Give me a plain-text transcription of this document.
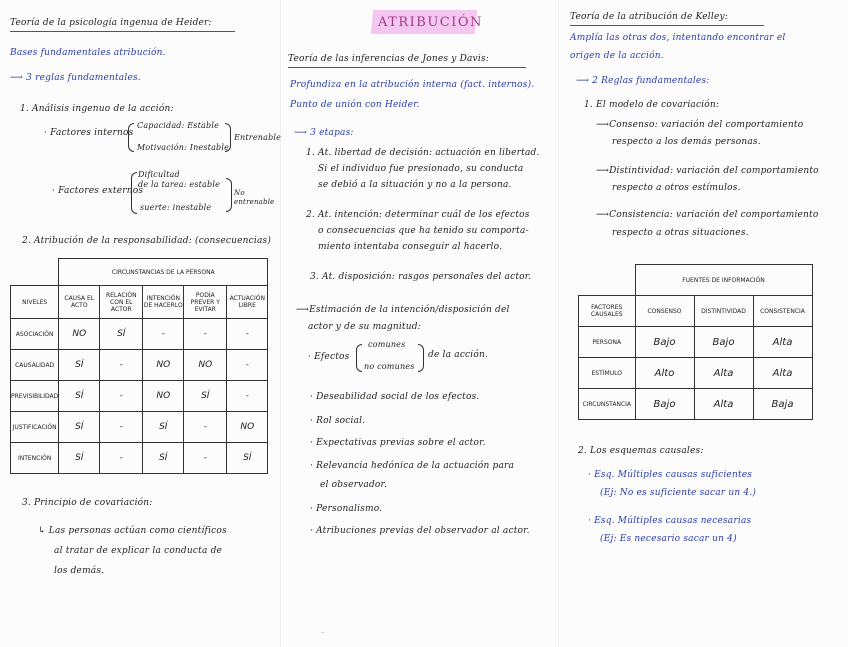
ATRIBUCIÓN
Teoría de la psicología ingenua de Heider:
Bases fundamentales atribución.
⟶ 3 reglas fundamentales.
1. Análisis ingenuo de la acción:
· Factores internos
Capacidad: Estable
Motivación: Inestable
Entrenable
· Factores externos
Dificultad
de la tarea: estable
suerte: inestable
No
entrenable
2. Atribución de la responsabilidad: (consecuencias)
	CIRCUNSTANCIAS DE LA PERSONA				
NIVELES	CAUSA EL ACTO	RELACIÓN CON EL ACTOR	INTENCIÓN DE HACERLO	PODÍA PREVER Y EVITAR	ACTUACIÓN LIBRE
ASOCIACIÓN	NO	SÍ	-	-	-
CAUSALIDAD	SÍ	-	NO	NO	-
PREVISIBILIDAD	SÍ	-	NO	SÍ	-
JUSTIFICACIÓN	SÍ	-	SÍ	-	NO
INTENCIÓN	SÍ	-	SÍ	-	SÍ
3. Principio de covariación:
↳ Las personas actúan como científicos
al tratar de explicar la conducta de
los demás.
Teoría de las inferencias de Jones y Davis:
Profundiza en la atribución interna (fact. internos).
Punto de unión con Heider.
⟶ 3 etapas:
1. At. libertad de decisión: actuación en libertad.
Si el individuo fue presionado, su conducta
se debió a la situación y no a la persona.
2. At. intención: determinar cuál de los efectos
o consecuencias que ha tenido su comporta-
miento intentaba conseguir al hacerlo.
3. At. disposición: rasgos personales del actor.
⟶Estimación de la intención/disposición del
actor y de su magnitud:
· Efectos
comunes
no comunes
de la acción.
· Deseabilidad social de los efectos.
· Rol social.
· Expectativas previas sobre el actor.
· Relevancia hedónica de la actuación para
el observador.
· Personalismo.
· Atribuciones previas del observador al actor.
·
Teoría de la atribución de Kelley:
Amplía las otras dos, intentando encontrar el
origen de la acción.
⟶ 2 Reglas fundamentales:
1. El modelo de covariación:
⟶Consenso: variación del comportamiento
respecto a los demás personas.
⟶Distintividad: variación del comportamiento
respecto a otros estímulos.
⟶Consistencia: variación del comportamiento
respecto a otras situaciones.
	FUENTES DE INFORMACIÓN		
FACTORES CAUSALES	CONSENSO	DISTINTIVIDAD	CONSISTENCIA
PERSONA	Bajo	Bajo	Alta
ESTÍMULO	Alto	Alta	Alta
CIRCUNSTANCIA	Bajo	Alta	Baja
2. Los esquemas causales:
· Esq. Múltiples causas suficientes
(Ej: No es suficiente sacar un 4.)
· Esq. Múltiples causas necesarias
(Ej: Es necesario sacar un 4)
